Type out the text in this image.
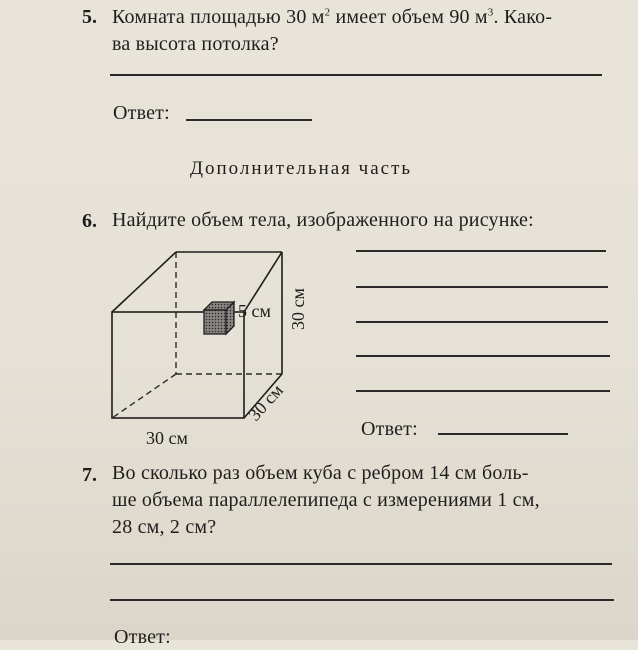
5. Комната площадью 30 $м^2$ имеет объем 90 $м^3$. Како-
ва высота потолка?
Ответ:
Дополнительная часть
6. Найдите объем тела, изображенного на рисунке:
5 см 30 см
30 см
30 см	Ответ:
7. Во сколько раз объем куба с ребром 14 см боль-
ше объема параллелепипеда с измерениями 1 см,
28 см, 2 см?
Ответ:
